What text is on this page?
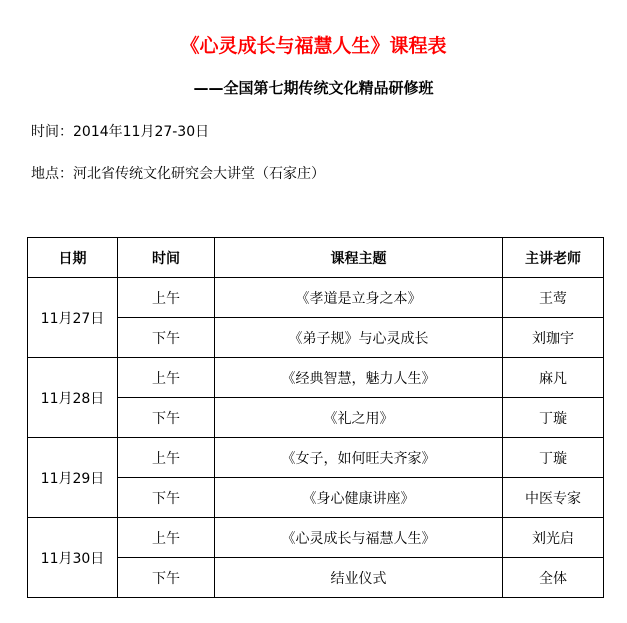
《心灵成长与福慧人生》课程表
——全国第七期传统文化精品研修班
时间：2014年11月27-30日
地点：河北省传统文化研究会大讲堂（石家庄）
日期	时间	课程主题	主讲老师
11月27日	上午	《孝道是立身之本》	王莺
	下午	《弟子规》与心灵成长	刘珈宇
11月28日	上午	《经典智慧，魅力人生》	麻凡
	下午	《礼之用》	丁璇
11月29日	上午	《女子，如何旺夫齐家》	丁璇
	下午	《身心健康讲座》	中医专家
11月30日	上午	《心灵成长与福慧人生》	刘光启
	下午	结业仪式	全体
